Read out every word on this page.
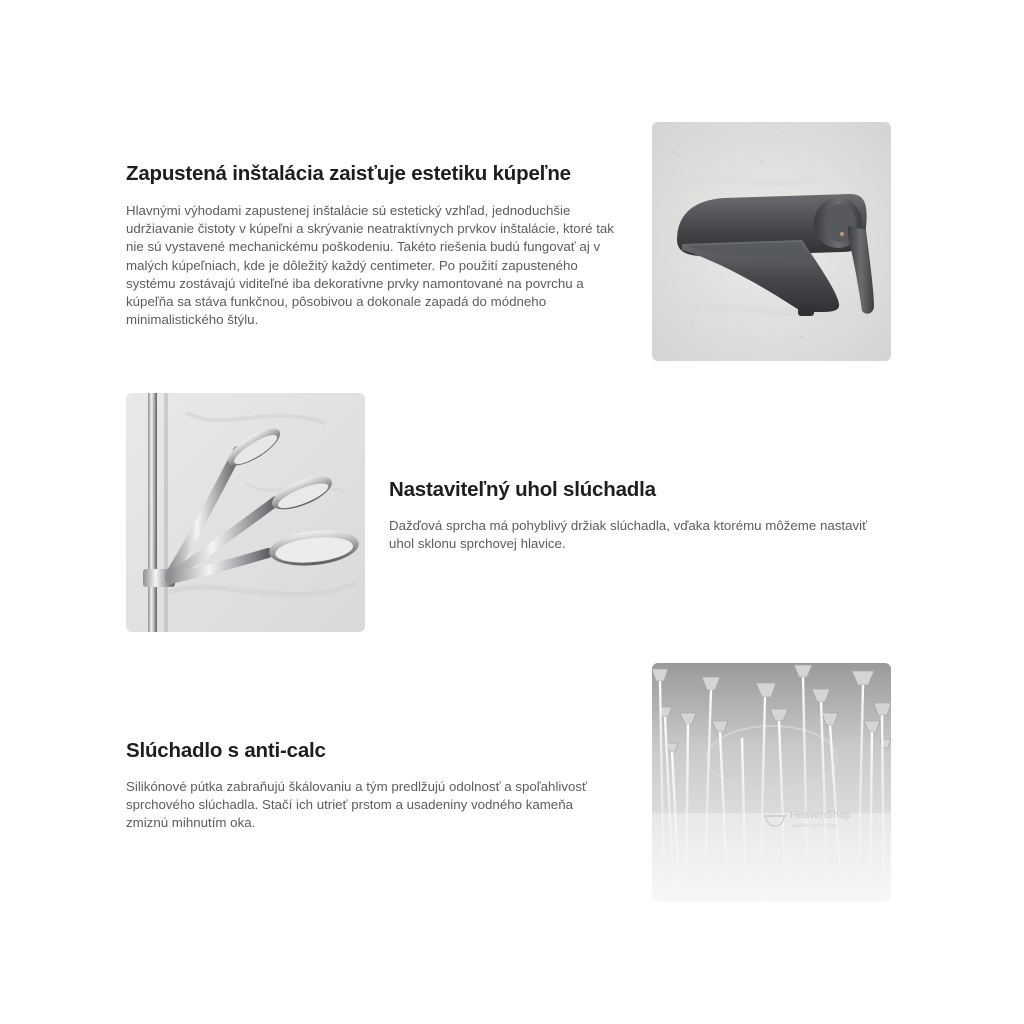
Zapustená inštalácia zaisťuje estetiku kúpeľne

Hlavnými výhodami zapustenej inštalácie sú estetický vzhľad, jednoduchšie udržiavanie čistoty v kúpeľni a skrývanie neatraktívnych prvkov inštalácie, ktoré tak nie sú vystavené mechanickému poškodeniu. Takéto riešenia budú fungovať aj v malých kúpeľniach, kde je dôležitý každý centimeter. Po použití zapusteného systému zostávajú viditeľné iba dekoratívne prvky namontované na povrchu a kúpeľňa sa stáva funkčnou, pôsobivou a dokonale zapadá do módneho minimalistického štýlu.

Nastaviteľný uhol slúchadla

Dažďová sprcha má pohyblivý držiak slúchadla, vďaka ktorému môžeme nastaviť uhol sklonu sprchovej hlavice.

Slúchadlo s anti-calc

Silikónové pútka zabraňujú škálovaniu a tým predlžujú odolnosť a spoľahlivosť sprchového slúchadla. Stačí ich utrieť prstom a usadeniny vodného kameňa zmiznú mihnutím oka.

HeavenShop
kúpeľne našich snov
